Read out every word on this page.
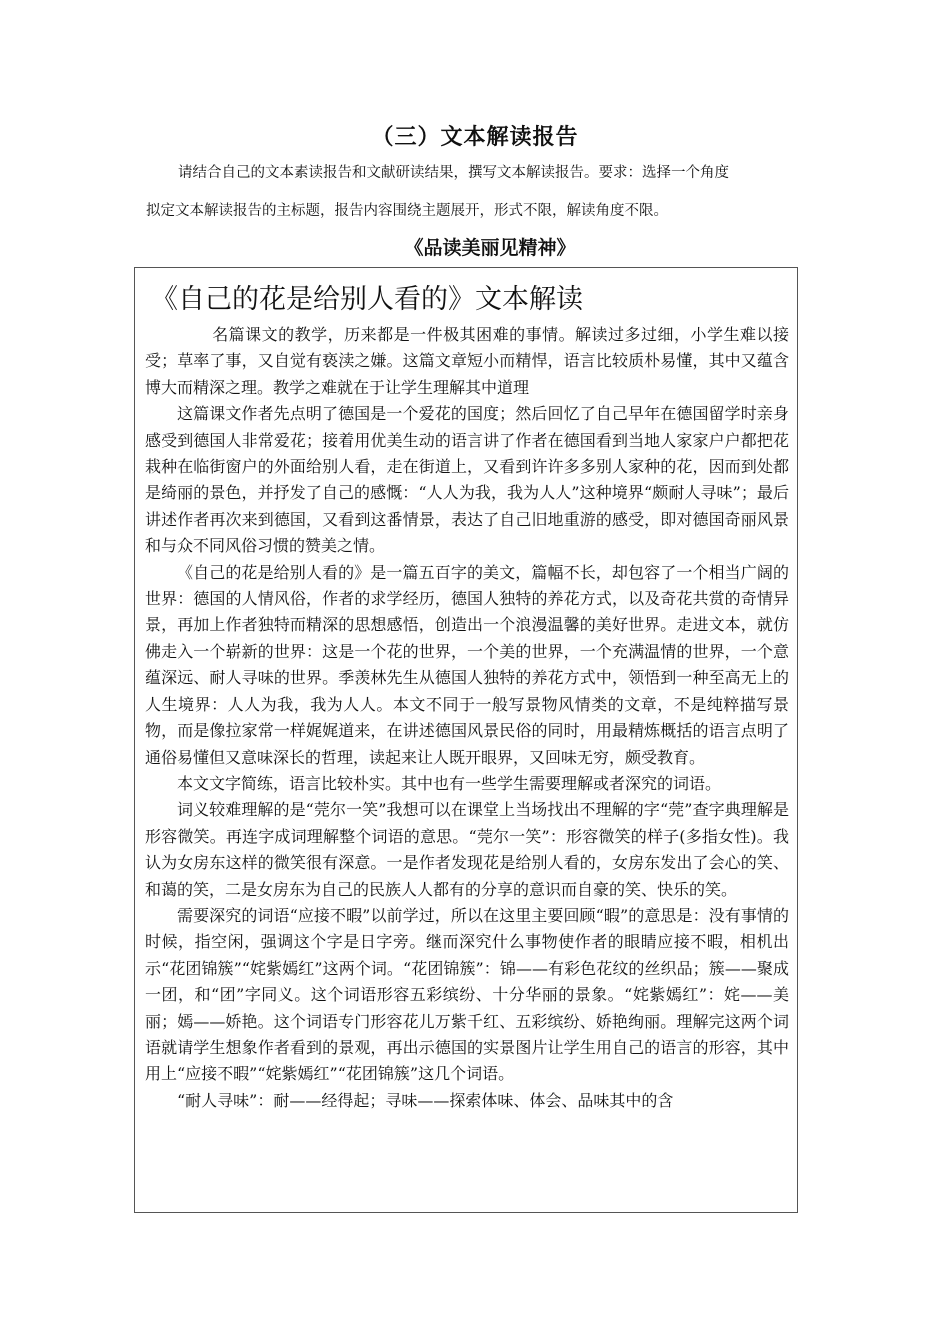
（三）文本解读报告
请结合自己的文本素读报告和文献研读结果，撰写文本解读报告。要求：选择一个角度
拟定文本解读报告的主标题，报告内容围绕主题展开，形式不限，解读角度不限。
《品读美丽见精神》
《自己的花是给别人看的》文本解读

名篇课文的教学，历来都是一件极其困难的事情。解读过多过细，小学生难以接受；草率了事，又自觉有亵渎之嫌。这篇文章短小而精悍，语言比较质朴易懂，其中又蕴含博大而精深之理。教学之难就在于让学生理解其中道理

这篇课文作者先点明了德国是一个爱花的国度；然后回忆了自己早年在德国留学时亲身感受到德国人非常爱花；接着用优美生动的语言讲了作者在德国看到当地人家家户户都把花栽种在临街窗户的外面给别人看，走在街道上，又看到许许多多别人家种的花，因而到处都是绮丽的景色，并抒发了自己的感慨：“人人为我，我为人人”这种境界“颇耐人寻味”；最后讲述作者再次来到德国，又看到这番情景，表达了自己旧地重游的感受，即对德国奇丽风景和与众不同风俗习惯的赞美之情。

《自己的花是给别人看的》是一篇五百字的美文，篇幅不长，却包容了一个相当广阔的世界：德国的人情风俗，作者的求学经历，德国人独特的养花方式，以及奇花共赏的奇情异景，再加上作者独特而精深的思想感悟，创造出一个浪漫温馨的美好世界。走进文本，就仿佛走入一个崭新的世界：这是一个花的世界，一个美的世界，一个充满温情的世界，一个意蕴深远、耐人寻味的世界。季羡林先生从德国人独特的养花方式中，领悟到一种至高无上的人生境界：人人为我，我为人人。本文不同于一般写景物风情类的文章，不是纯粹描写景物，而是像拉家常一样娓娓道来，在讲述德国风景民俗的同时，用最精炼概括的语言点明了通俗易懂但又意味深长的哲理，读起来让人既开眼界，又回味无穷，颇受教育。

本文文字简练，语言比较朴实。其中也有一些学生需要理解或者深究的词语。

词义较难理解的是“莞尔一笑”我想可以在课堂上当场找出不理解的字“莞”查字典理解是形容微笑。再连字成词理解整个词语的意思。“莞尔一笑”：形容微笑的样子(多指女性)。我认为女房东这样的微笑很有深意。一是作者发现花是给别人看的，女房东发出了会心的笑、和蔼的笑，二是女房东为自己的民族人人都有的分享的意识而自豪的笑、快乐的笑。

需要深究的词语“应接不暇”以前学过，所以在这里主要回顾“暇”的意思是：没有事情的时候，指空闲，强调这个字是日字旁。继而深究什么事物使作者的眼睛应接不暇，相机出示“花团锦簇”“姹紫嫣红”这两个词。“花团锦簇”：锦——有彩色花纹的丝织品；簇——聚成一团，和“团”字同义。这个词语形容五彩缤纷、十分华丽的景象。“姹紫嫣红”：姹——美丽；嫣——娇艳。这个词语专门形容花儿万紫千红、五彩缤纷、娇艳绚丽。理解完这两个词语就请学生想象作者看到的景观，再出示德国的实景图片让学生用自己的语言的形容，其中用上“应接不暇”“姹紫嫣红”“花团锦簇”这几个词语。

“耐人寻味”：耐——经得起；寻味——探索体味、体会、品味其中的含
